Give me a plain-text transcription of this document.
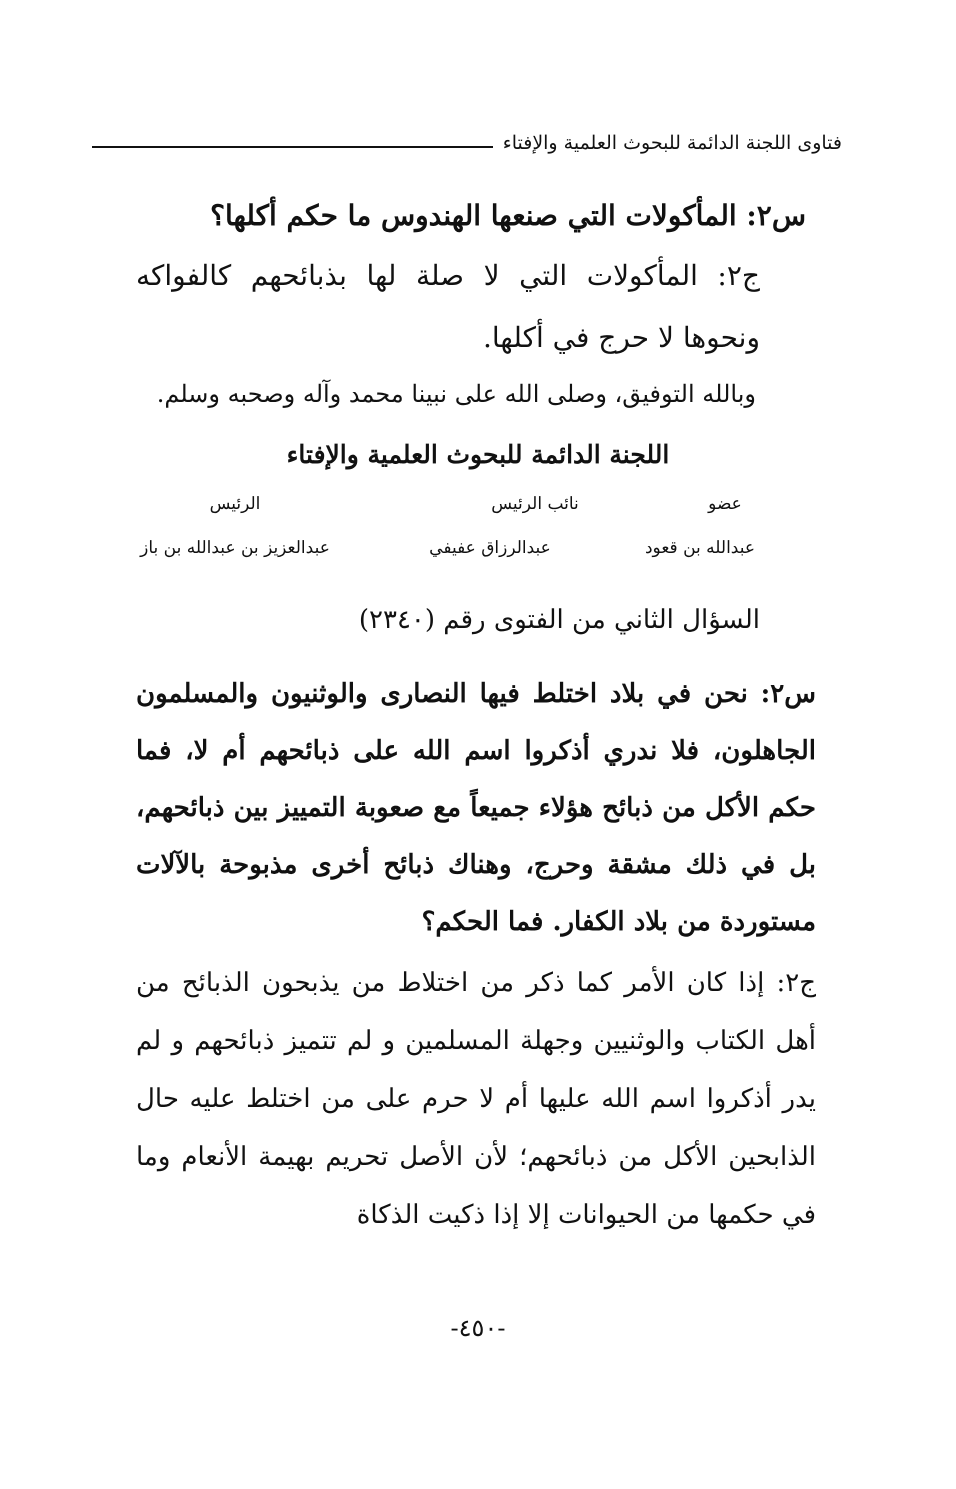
فتاوى اللجنة الدائمة للبحوث العلمية والإفتاء
س٢: المأكولات التي صنعها الهندوس ما حكم أكلها؟
ج٢: المأكولات التي لا صلة لها بذبائحهم كالفواكه ونحوها لا حرج في أكلها.
وبالله التوفيق، وصلى الله على نبينا محمد وآله وصحبه وسلم.
اللجنة الدائمة للبحوث العلمية والإفتاء
عضو
نائب الرئيس
الرئيس
عبدالله بن قعود
عبدالرزاق عفيفي
عبدالعزيز بن عبدالله بن باز
السؤال الثاني من الفتوى رقم (٢٣٤٠)
س٢: نحن في بلاد اختلط فيها النصارى والوثنيون والمسلمون الجاهلون، فلا ندري أذكروا اسم الله على ذبائحهم أم لا، فما حكم الأكل من ذبائح هؤلاء جميعاً مع صعوبة التمييز بين ذبائحهم، بل في ذلك مشقة وحرج، وهناك ذبائح أخرى مذبوحة بالآلات مستوردة من بلاد الكفار. فما الحكم؟
ج٢: إذا كان الأمر كما ذكر من اختلاط من يذبحون الذبائح من أهل الكتاب والوثنيين وجهلة المسلمين و لم تتميز ذبائحهم و لم يدر أذكروا اسم الله عليها أم لا حرم على من اختلط عليه حال الذابحين الأكل من ذبائحهم؛ لأن الأصل تحريم بهيمة الأنعام وما في حكمها من الحيوانات إلا إذا ذكيت الذكاة
-٤٥٠-
